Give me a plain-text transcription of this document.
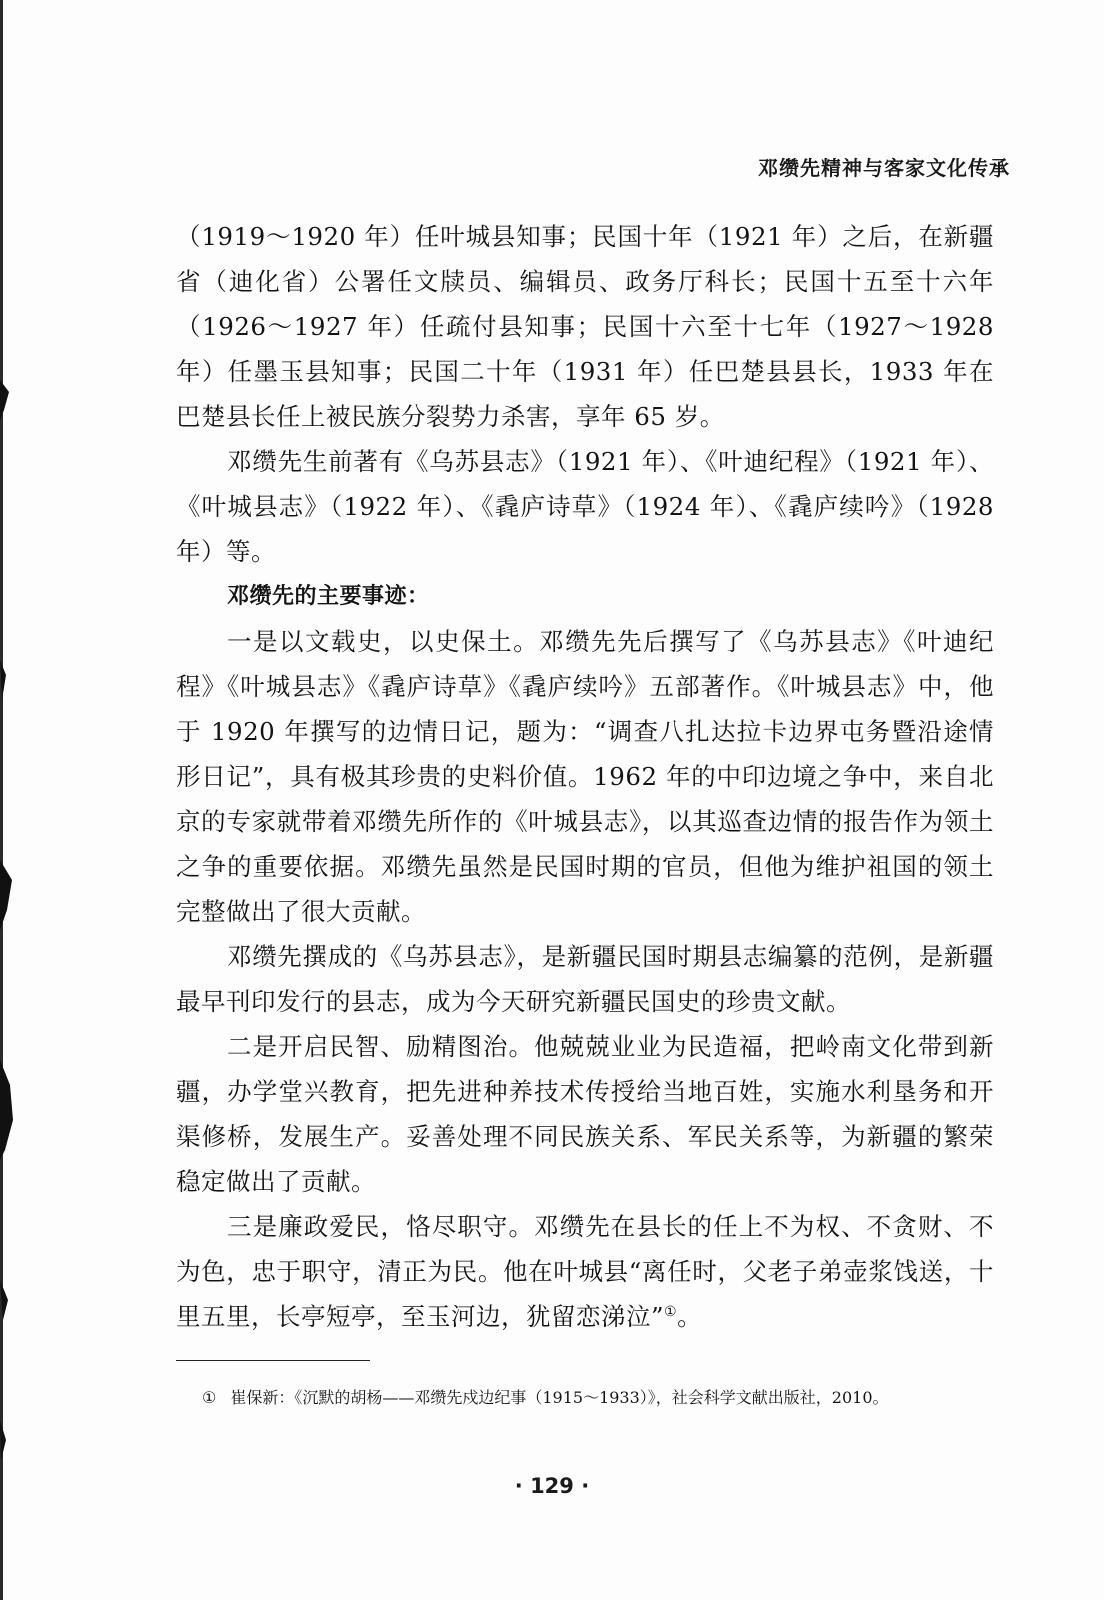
邓缵先精神与客家文化传承

（1919～1920 年）任叶城县知事；民国十年（1921 年）之后，在新疆省（迪化省）公署任文牍员、编辑员、政务厅科长；民国十五至十六年（1926～1927 年）任疏付县知事；民国十六至十七年（1927～1928 年）任墨玉县知事；民国二十年（1931 年）任巴楚县县长，1933 年在巴楚县长任上被民族分裂势力杀害，享年 65 岁。

邓缵先生前著有《乌苏县志》（1921 年）、《叶迪纪程》（1921 年）、《叶城县志》（1922 年）、《毳庐诗草》（1924 年）、《毳庐续吟》（1928 年）等。

邓缵先的主要事迹：

一是以文载史，以史保土。邓缵先先后撰写了《乌苏县志》《叶迪纪程》《叶城县志》《毳庐诗草》《毳庐续吟》五部著作。《叶城县志》中，他于 1920 年撰写的边情日记，题为：“调查八扎达拉卡边界屯务暨沿途情形日记”，具有极其珍贵的史料价值。1962 年的中印边境之争中，来自北京的专家就带着邓缵先所作的《叶城县志》，以其巡查边情的报告作为领土之争的重要依据。邓缵先虽然是民国时期的官员，但他为维护祖国的领土完整做出了很大贡献。

邓缵先撰成的《乌苏县志》，是新疆民国时期县志编纂的范例，是新疆最早刊印发行的县志，成为今天研究新疆民国史的珍贵文献。

二是开启民智、励精图治。他兢兢业业为民造福，把岭南文化带到新疆，办学堂兴教育，把先进种养技术传授给当地百姓，实施水利垦务和开渠修桥，发展生产。妥善处理不同民族关系、军民关系等，为新疆的繁荣稳定做出了贡献。

三是廉政爱民，恪尽职守。邓缵先在县长的任上不为权、不贪财、不为色，忠于职守，清正为民。他在叶城县“离任时，父老子弟壶浆饯送，十里五里，长亭短亭，至玉河边，犹留恋涕泣”①。

① 崔保新：《沉默的胡杨——邓缵先戍边纪事（1915～1933）》，社会科学文献出版社，2010。
· 129 ·
